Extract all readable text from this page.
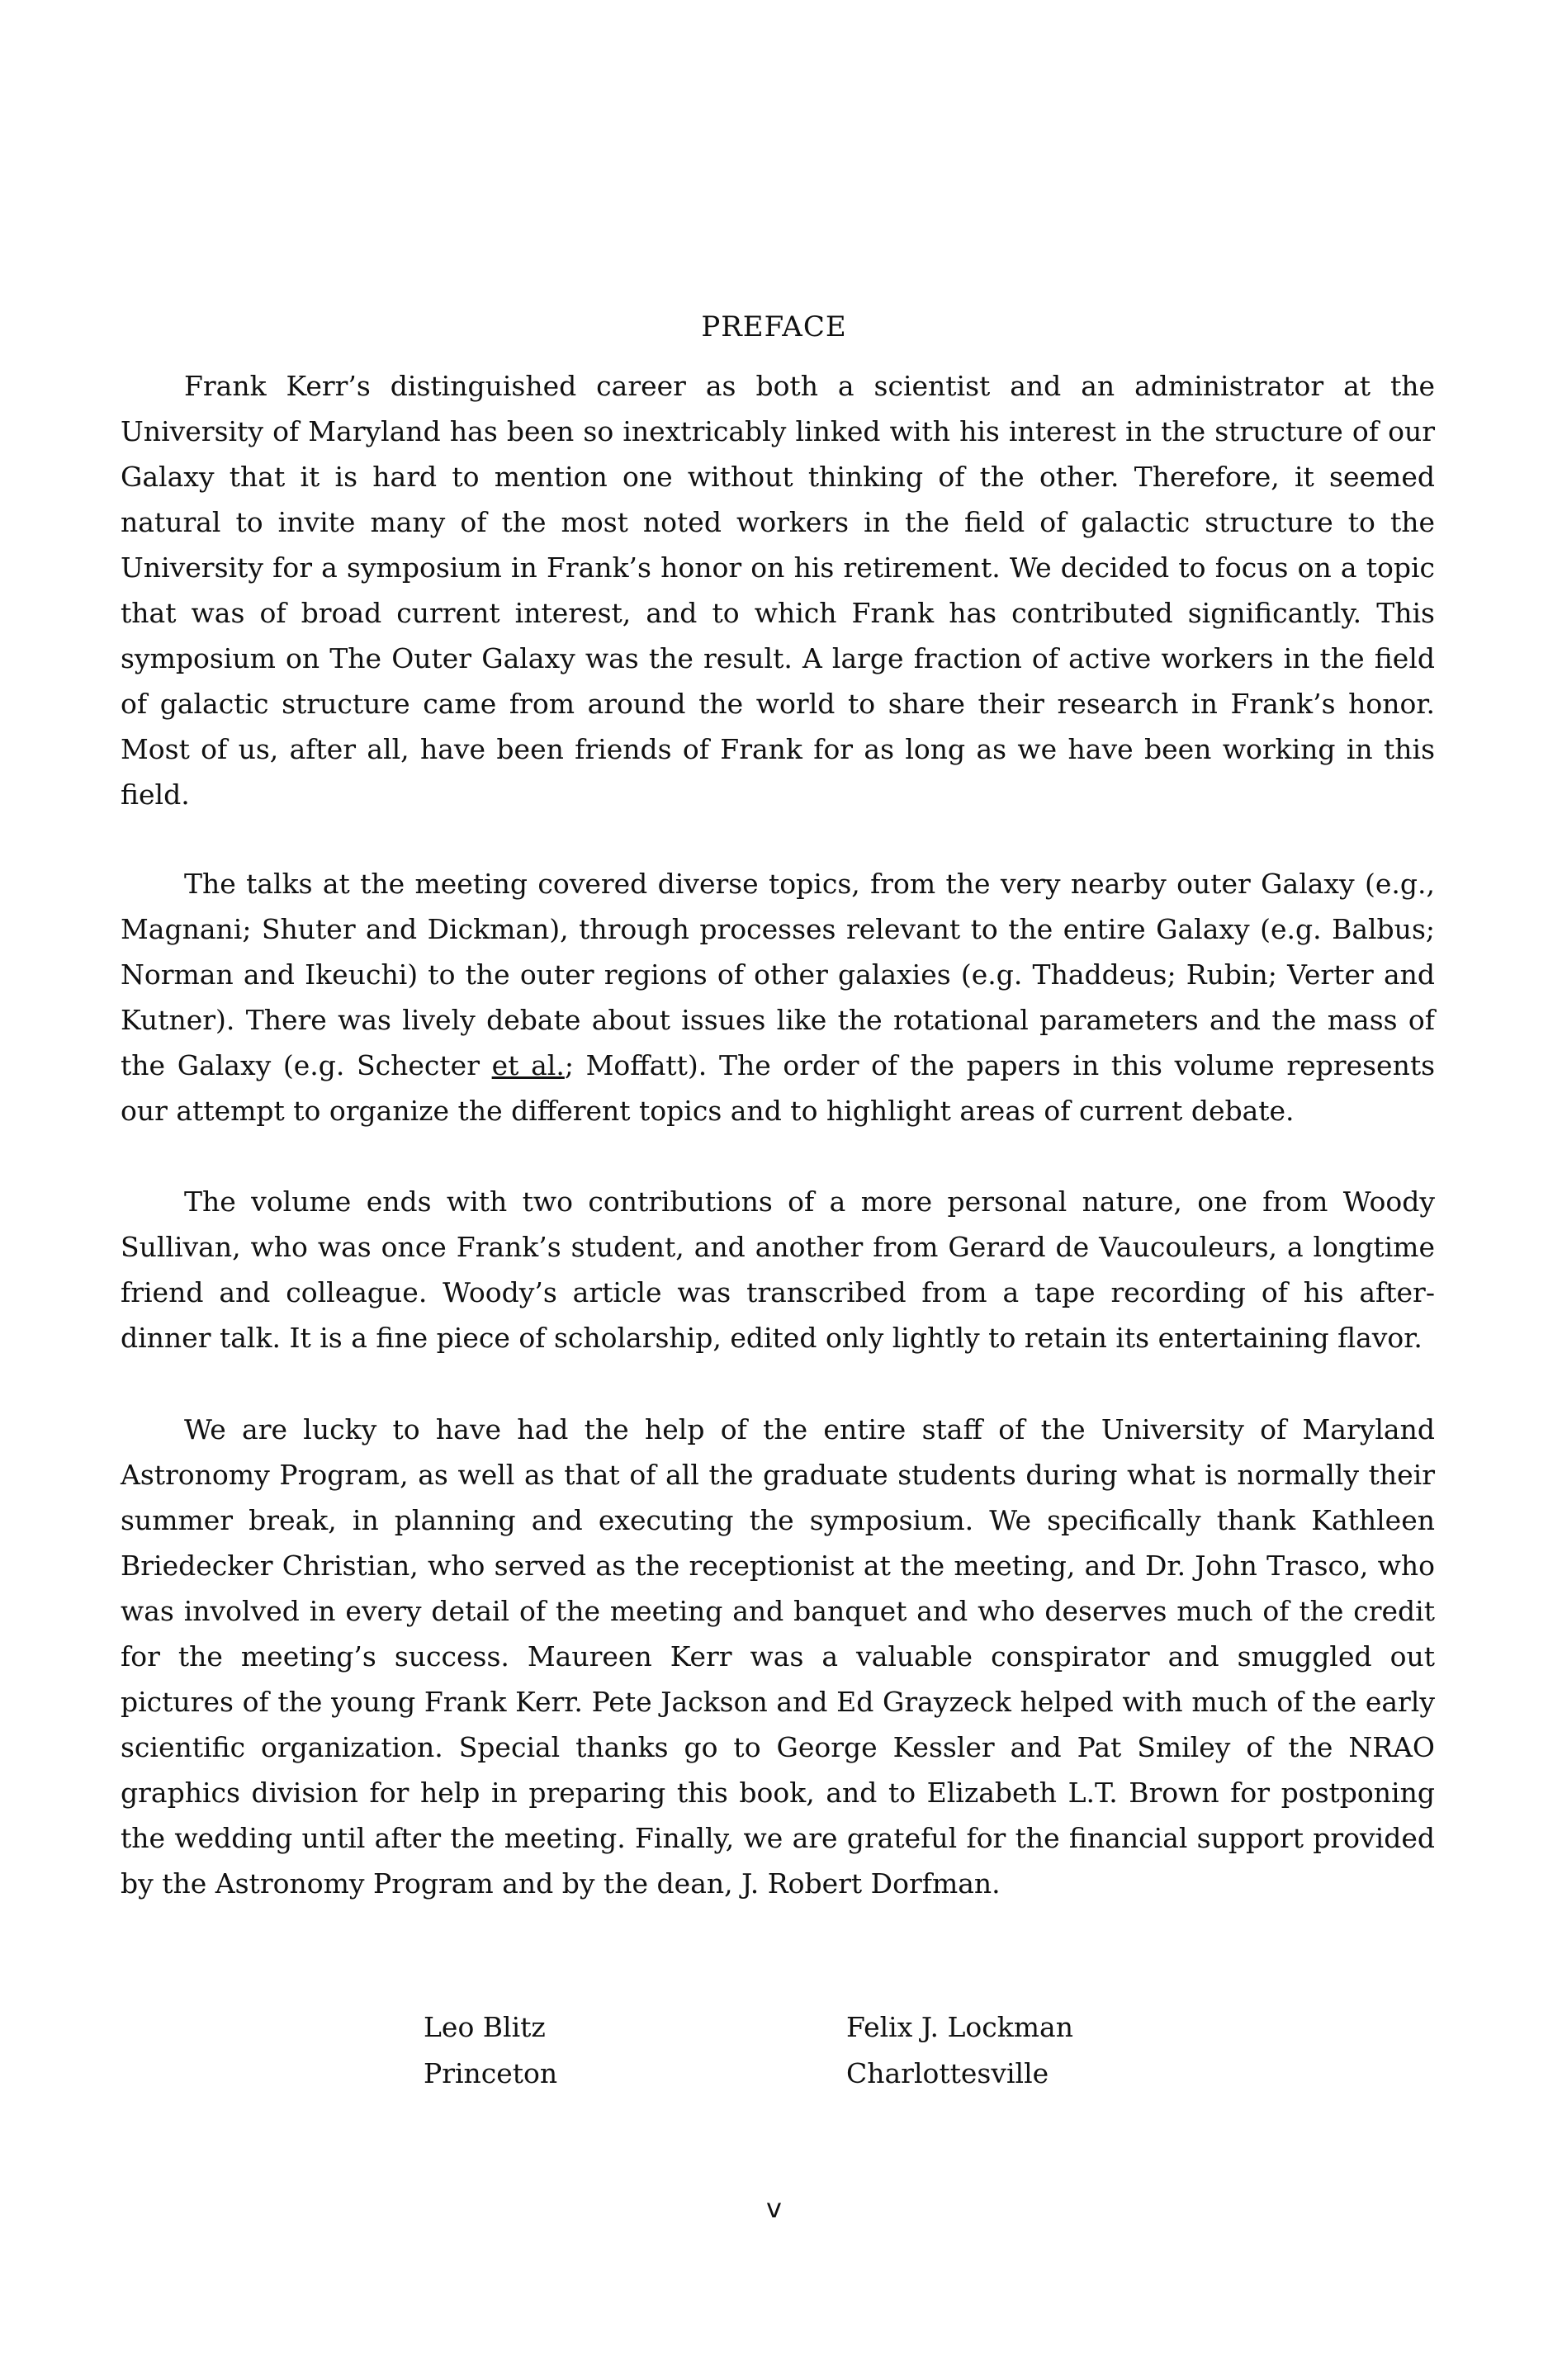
PREFACE

Frank Kerr’s distinguished career as both a scientist and an administrator at the University of Maryland has been so inextricably linked with his interest in the structure of our Galaxy that it is hard to mention one without thinking of the other. Therefore, it seemed natural to invite many of the most noted workers in the field of galactic structure to the University for a symposium in Frank’s honor on his retirement. We decided to focus on a topic that was of broad current interest, and to which Frank has contributed significantly. This symposium on The Outer Galaxy was the result. A large fraction of active workers in the field of galactic structure came from around the world to share their research in Frank’s honor. Most of us, after all, have been friends of Frank for as long as we have been working in this field.

The talks at the meeting covered diverse topics, from the very nearby outer Galaxy (e.g., Magnani; Shuter and Dickman), through processes relevant to the entire Galaxy (e.g. Balbus; Norman and Ikeuchi) to the outer regions of other galaxies (e.g. Thaddeus; Rubin; Verter and Kutner). There was lively debate about issues like the rotational parameters and the mass of the Galaxy (e.g. Schecter et al.; Moffatt). The order of the papers in this volume represents our attempt to organize the different topics and to highlight areas of current debate.

The volume ends with two contributions of a more personal nature, one from Woody Sullivan, who was once Frank’s student, and another from Gerard de Vaucouleurs, a longtime friend and colleague. Woody’s article was transcribed from a tape recording of his after-dinner talk. It is a fine piece of scholarship, edited only lightly to retain its entertaining flavor.

We are lucky to have had the help of the entire staff of the University of Maryland Astronomy Program, as well as that of all the graduate students during what is normally their summer break, in planning and executing the symposium. We specifically thank Kathleen Briedecker Christian, who served as the receptionist at the meeting, and Dr. John Trasco, who was involved in every detail of the meeting and banquet and who deserves much of the credit for the meeting’s success. Maureen Kerr was a valuable conspirator and smuggled out pictures of the young Frank Kerr. Pete Jackson and Ed Grayzeck helped with much of the early scientific organization. Special thanks go to George Kessler and Pat Smiley of the NRAO graphics division for help in preparing this book, and to Elizabeth L.T. Brown for postponing the wedding until after the meeting. Finally, we are grateful for the financial support provided by the Astronomy Program and by the dean, J. Robert Dorfman.

Leo Blitz
Princeton
Felix J. Lockman
Charlottesville
v
